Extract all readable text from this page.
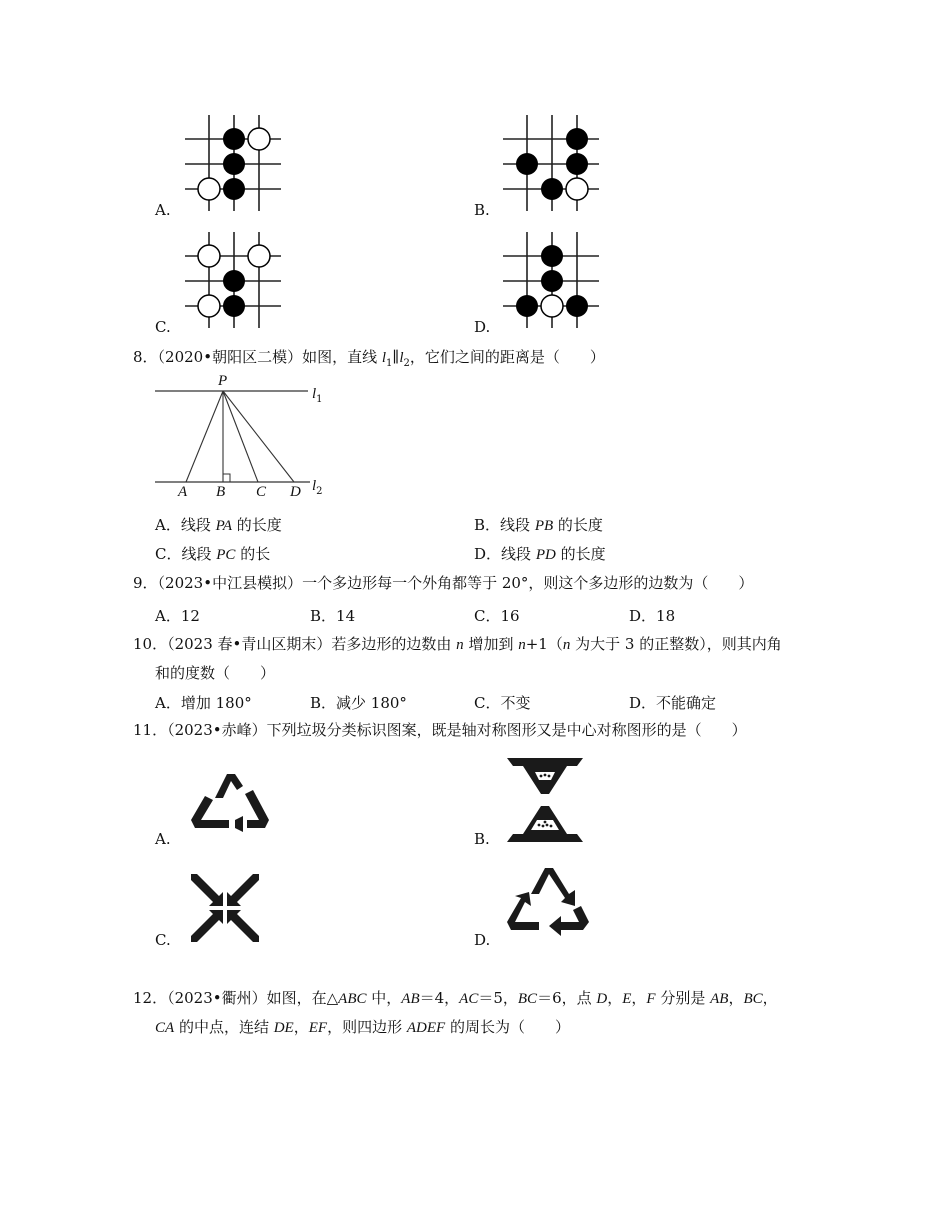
A.	B.
C.	D.
8．（2020•朝阳区二模）如图，直线 $l_1\parallel l_2$，它们之间的距离是（　　）
P
A B C D
$l_1$
$l_2$
A．线段 PA 的长度	B．线段 PB 的长度
C．线段 PC 的长	D．线段 PD 的长度
9．（2023•中江县模拟）一个多边形每一个外角都等于 20°，则这个多边形的边数为（　　）
A．12	B．14	C．16	D．18
10．（2023 春•青山区期末）若多边形的边数由 n 增加到 n+1（n 为大于 3 的正整数），则其内角
和的度数（　　）
A．增加 180°	B．减少 180°	C．不变	D．不能确定
11．（2023•赤峰）下列垃圾分类标识图案，既是轴对称图形又是中心对称图形的是（　　）
A.	B.
C.	D.
12．（2023•衢州）如图，在△ABC 中，AB＝4，AC＝5，BC＝6，点 D，E，F 分别是 AB，BC，
CA 的中点，连结 DE，EF，则四边形 ADEF 的周长为（　　）
